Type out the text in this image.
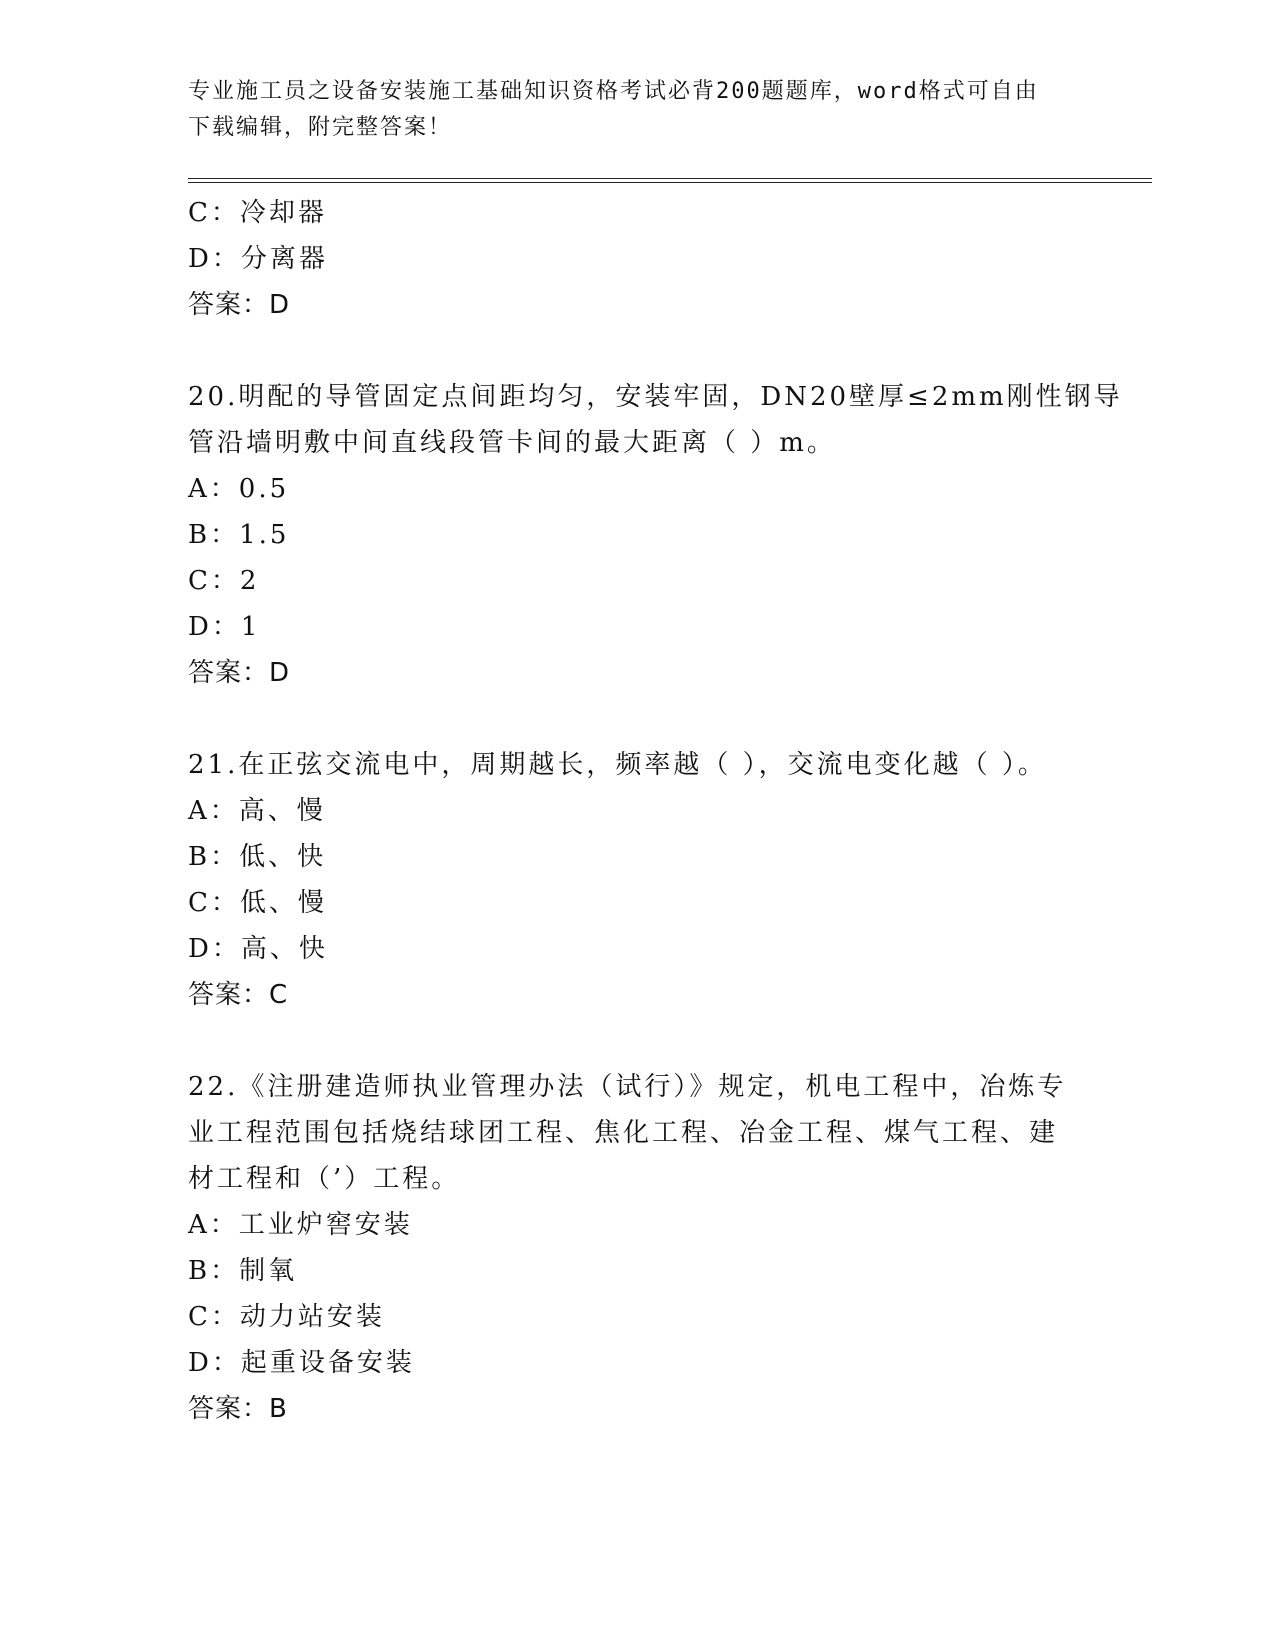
专业施工员之设备安装施工基础知识资格考试必背200题题库，word格式可自由
下载编辑，附完整答案！
C：冷却器
D：分离器
答案：D
20.明配的导管固定点间距均匀，安装牢固，DN20壁厚≤2mm刚性钢导
管沿墙明敷中间直线段管卡间的最大距离（ ）m。
A：0.5
B：1.5
C：2
D：1
答案：D
21.在正弦交流电中，周期越长，频率越（ ），交流电变化越（ ）。
A：高、慢
B：低、快
C：低、慢
D：高、快
答案：C
22.《注册建造师执业管理办法（试行）》规定，机电工程中，冶炼专
业工程范围包括烧结球团工程、焦化工程、冶金工程、煤气工程、建
材工程和（’）工程。
A：工业炉窖安装
B：制氧
C：动力站安装
D：起重设备安装
答案：B
